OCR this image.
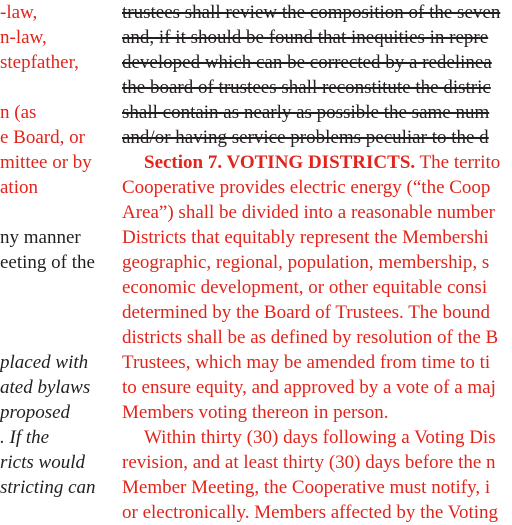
-law,
n-law,
stepfather,
n (as
e Board, or
mittee or by
ation
ny manner
eeting of the
placed with
ated bylaws
proposed
. If the
ricts would
stricting can
trustees shall review the composition of the seven
and, if it should be found that inequities in repre
developed which can be corrected by a redelinea
the board of trustees shall reconstitute the distric
shall contain as nearly as possible the same num
and/or having service problems peculiar to the d
Section 7. VOTING DISTRICTS. The territo
Cooperative provides electric energy (“the Coop
Area”) shall be divided into a reasonable number
Districts that equitably represent the Membershi
geographic, regional, population, membership, s
economic development, or other equitable consi
determined by the Board of Trustees. The bound
districts shall be as defined by resolution of the B
Trustees, which may be amended from time to ti
to ensure equity, and approved by a vote of a maj
Members voting thereon in person.
Within thirty (30) days following a Voting Dis
revision, and at least thirty (30) days before the n
Member Meeting, the Cooperative must notify, i
or electronically. Members affected by the Voting
